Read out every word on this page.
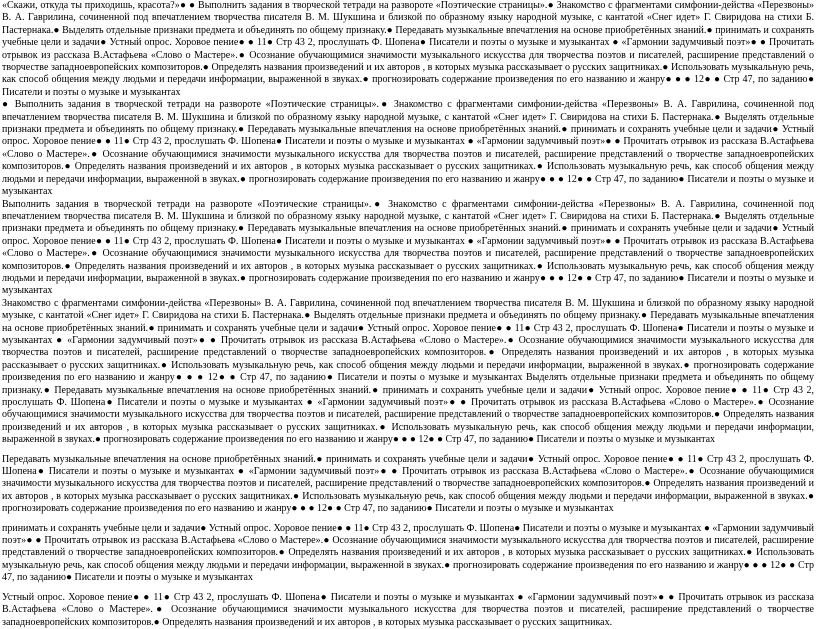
«Скажи, откуда ты приходишь, красота?»● ● Выполнить задания в творческой тетради на развороте «Поэтические страницы».● Знакомство с фрагментами симфонии-действа «Перезвоны» В. А. Гаврилина, сочиненной под впечатлением творчества писателя В. М. Шукшина и близкой по образному языку народной музыке, с кантатой «Снег идет» Г. Свиридова на стихи Б. Пастернака.● Выделять отдельные признаки предмета и объединять по общему признаку.● Передавать музыкальные впечатления на основе приобретённых знаний.● принимать и сохранять учебные цели и задачи● Устный опрос. Хоровое пение● ● 11● Стр 43 2, прослушать Ф. Шопена● Писатели и поэты о музыке и музыкантах ● «Гармонии задумчивый поэт»● ● Прочитать отрывок из рассказа В.Астафьева «Слово о Мастере».● Осознание обучающимися значимости музыкального искусства для творчества поэтов и писателей, расширение представлений о творчестве западноевропейских композиторов.● Определять названия произведений и их авторов , в которых музыка рассказывает о русских защитниках.● Использовать музыкальную речь, как способ общения между людьми и передачи информации, выраженной в звуках.● прогнозировать содержание произведения по его названию и жанру● ● ● 12● ● Стр 47, по заданию● Писатели и поэты о музыке и музыкантах

● Выполнить задания в творческой тетради на развороте «Поэтические страницы».● Знакомство с фрагментами симфонии-действа «Перезвоны» В. А. Гаврилина, сочиненной под впечатлением творчества писателя В. М. Шукшина и близкой по образному языку народной музыке, с кантатой «Снег идет» Г. Свиридова на стихи Б. Пастернака.● Выделять отдельные признаки предмета и объединять по общему признаку.● Передавать музыкальные впечатления на основе приобретённых знаний.● принимать и сохранять учебные цели и задачи● Устный опрос. Хоровое пение● ● 11● Стр 43 2, прослушать Ф. Шопена● Писатели и поэты о музыке и музыкантах ● «Гармонии задумчивый поэт»● ● Прочитать отрывок из рассказа В.Астафьева «Слово о Мастере».● Осознание обучающимися значимости музыкального искусства для творчества поэтов и писателей, расширение представлений о творчестве западноевропейских композиторов.● Определять названия произведений и их авторов , в которых музыка рассказывает о русских защитниках.● Использовать музыкальную речь, как способ общения между людьми и передачи информации, выраженной в звуках.● прогнозировать содержание произведения по его названию и жанру● ● ● 12● ● Стр 47, по заданию● Писатели и поэты о музыке и музыкантах

Выполнить задания в творческой тетради на развороте «Поэтические страницы».● Знакомство с фрагментами симфонии-действа «Перезвоны» В. А. Гаврилина, сочиненной под впечатлением творчества писателя В. М. Шукшина и близкой по образному языку народной музыке, с кантатой «Снег идет» Г. Свиридова на стихи Б. Пастернака.● Выделять отдельные признаки предмета и объединять по общему признаку.● Передавать музыкальные впечатления на основе приобретённых знаний.● принимать и сохранять учебные цели и задачи● Устный опрос. Хоровое пение● ● 11● Стр 43 2, прослушать Ф. Шопена● Писатели и поэты о музыке и музыкантах ● «Гармонии задумчивый поэт»● ● Прочитать отрывок из рассказа В.Астафьева «Слово о Мастере».● Осознание обучающимися значимости музыкального искусства для творчества поэтов и писателей, расширение представлений о творчестве западноевропейских композиторов.● Определять названия произведений и их авторов , в которых музыка рассказывает о русских защитниках.● Использовать музыкальную речь, как способ общения между людьми и передачи информации, выраженной в звуках.● прогнозировать содержание произведения по его названию и жанру● ● ● 12● ● Стр 47, по заданию● Писатели и поэты о музыке и музыкантах

Знакомство с фрагментами симфонии-действа «Перезвоны» В. А. Гаврилина, сочиненной под впечатлением творчества писателя В. М. Шукшина и близкой по образному языку народной музыке, с кантатой «Снег идет» Г. Свиридова на стихи Б. Пастернака.● Выделять отдельные признаки предмета и объединять по общему признаку.● Передавать музыкальные впечатления на основе приобретённых знаний.● принимать и сохранять учебные цели и задачи● Устный опрос. Хоровое пение● ● 11● Стр 43 2, прослушать Ф. Шопена● Писатели и поэты о музыке и музыкантах ● «Гармонии задумчивый поэт»● ● Прочитать отрывок из рассказа В.Астафьева «Слово о Мастере».● Осознание обучающимися значимости музыкального искусства для творчества поэтов и писателей, расширение представлений о творчестве западноевропейских композиторов.● Определять названия произведений и их авторов , в которых музыка рассказывает о русских защитниках.● Использовать музыкальную речь, как способ общения между людьми и передачи информации, выраженной в звуках.● прогнозировать содержание произведения по его названию и жанру● ● ● 12● ● Стр 47, по заданию● Писатели и поэты о музыке и музыкантах Выделять отдельные признаки предмета и объединять по общему признаку.● Передавать музыкальные впечатления на основе приобретённых знаний.● принимать и сохранять учебные цели и задачи● Устный опрос. Хоровое пение● ● 11● Стр 43 2, прослушать Ф. Шопена● Писатели и поэты о музыке и музыкантах ● «Гармонии задумчивый поэт»● ● Прочитать отрывок из рассказа В.Астафьева «Слово о Мастере».● Осознание обучающимися значимости музыкального искусства для творчества поэтов и писателей, расширение представлений о творчестве западноевропейских композиторов.● Определять названия произведений и их авторов , в которых музыка рассказывает о русских защитниках.● Использовать музыкальную речь, как способ общения между людьми и передачи информации, выраженной в звуках.● прогнозировать содержание произведения по его названию и жанру● ● ● 12● ● Стр 47, по заданию● Писатели и поэты о музыке и музыкантах

Передавать музыкальные впечатления на основе приобретённых знаний.● принимать и сохранять учебные цели и задачи● Устный опрос. Хоровое пение● ● 11● Стр 43 2, прослушать Ф. Шопена● Писатели и поэты о музыке и музыкантах ● «Гармонии задумчивый поэт»● ● Прочитать отрывок из рассказа В.Астафьева «Слово о Мастере».● Осознание обучающимися значимости музыкального искусства для творчества поэтов и писателей, расширение представлений о творчестве западноевропейских композиторов.● Определять названия произведений и их авторов , в которых музыка рассказывает о русских защитниках.● Использовать музыкальную речь, как способ общения между людьми и передачи информации, выраженной в звуках.● прогнозировать содержание произведения по его названию и жанру● ● ● 12● ● Стр 47, по заданию● Писатели и поэты о музыке и музыкантах

принимать и сохранять учебные цели и задачи● Устный опрос. Хоровое пение● ● 11● Стр 43 2, прослушать Ф. Шопена● Писатели и поэты о музыке и музыкантах ● «Гармонии задумчивый поэт»● ● Прочитать отрывок из рассказа В.Астафьева «Слово о Мастере».● Осознание обучающимися значимости музыкального искусства для творчества поэтов и писателей, расширение представлений о творчестве западноевропейских композиторов.● Определять названия произведений и их авторов , в которых музыка рассказывает о русских защитниках.● Использовать музыкальную речь, как способ общения между людьми и передачи информации, выраженной в звуках.● прогнозировать содержание произведения по его названию и жанру● ● ● 12● ● Стр 47, по заданию● Писатели и поэты о музыке и музыкантах

Устный опрос. Хоровое пение● ● 11● Стр 43 2, прослушать Ф. Шопена● Писатели и поэты о музыке и музыкантах ● «Гармонии задумчивый поэт»● ● Прочитать отрывок из рассказа В.Астафьева «Слово о Мастере».● Осознание обучающимися значимости музыкального искусства для творчества поэтов и писателей, расширение представлений о творчестве западноевропейских композиторов.● Определять названия произведений и их авторов , в которых музыка рассказывает о русских защитниках.
